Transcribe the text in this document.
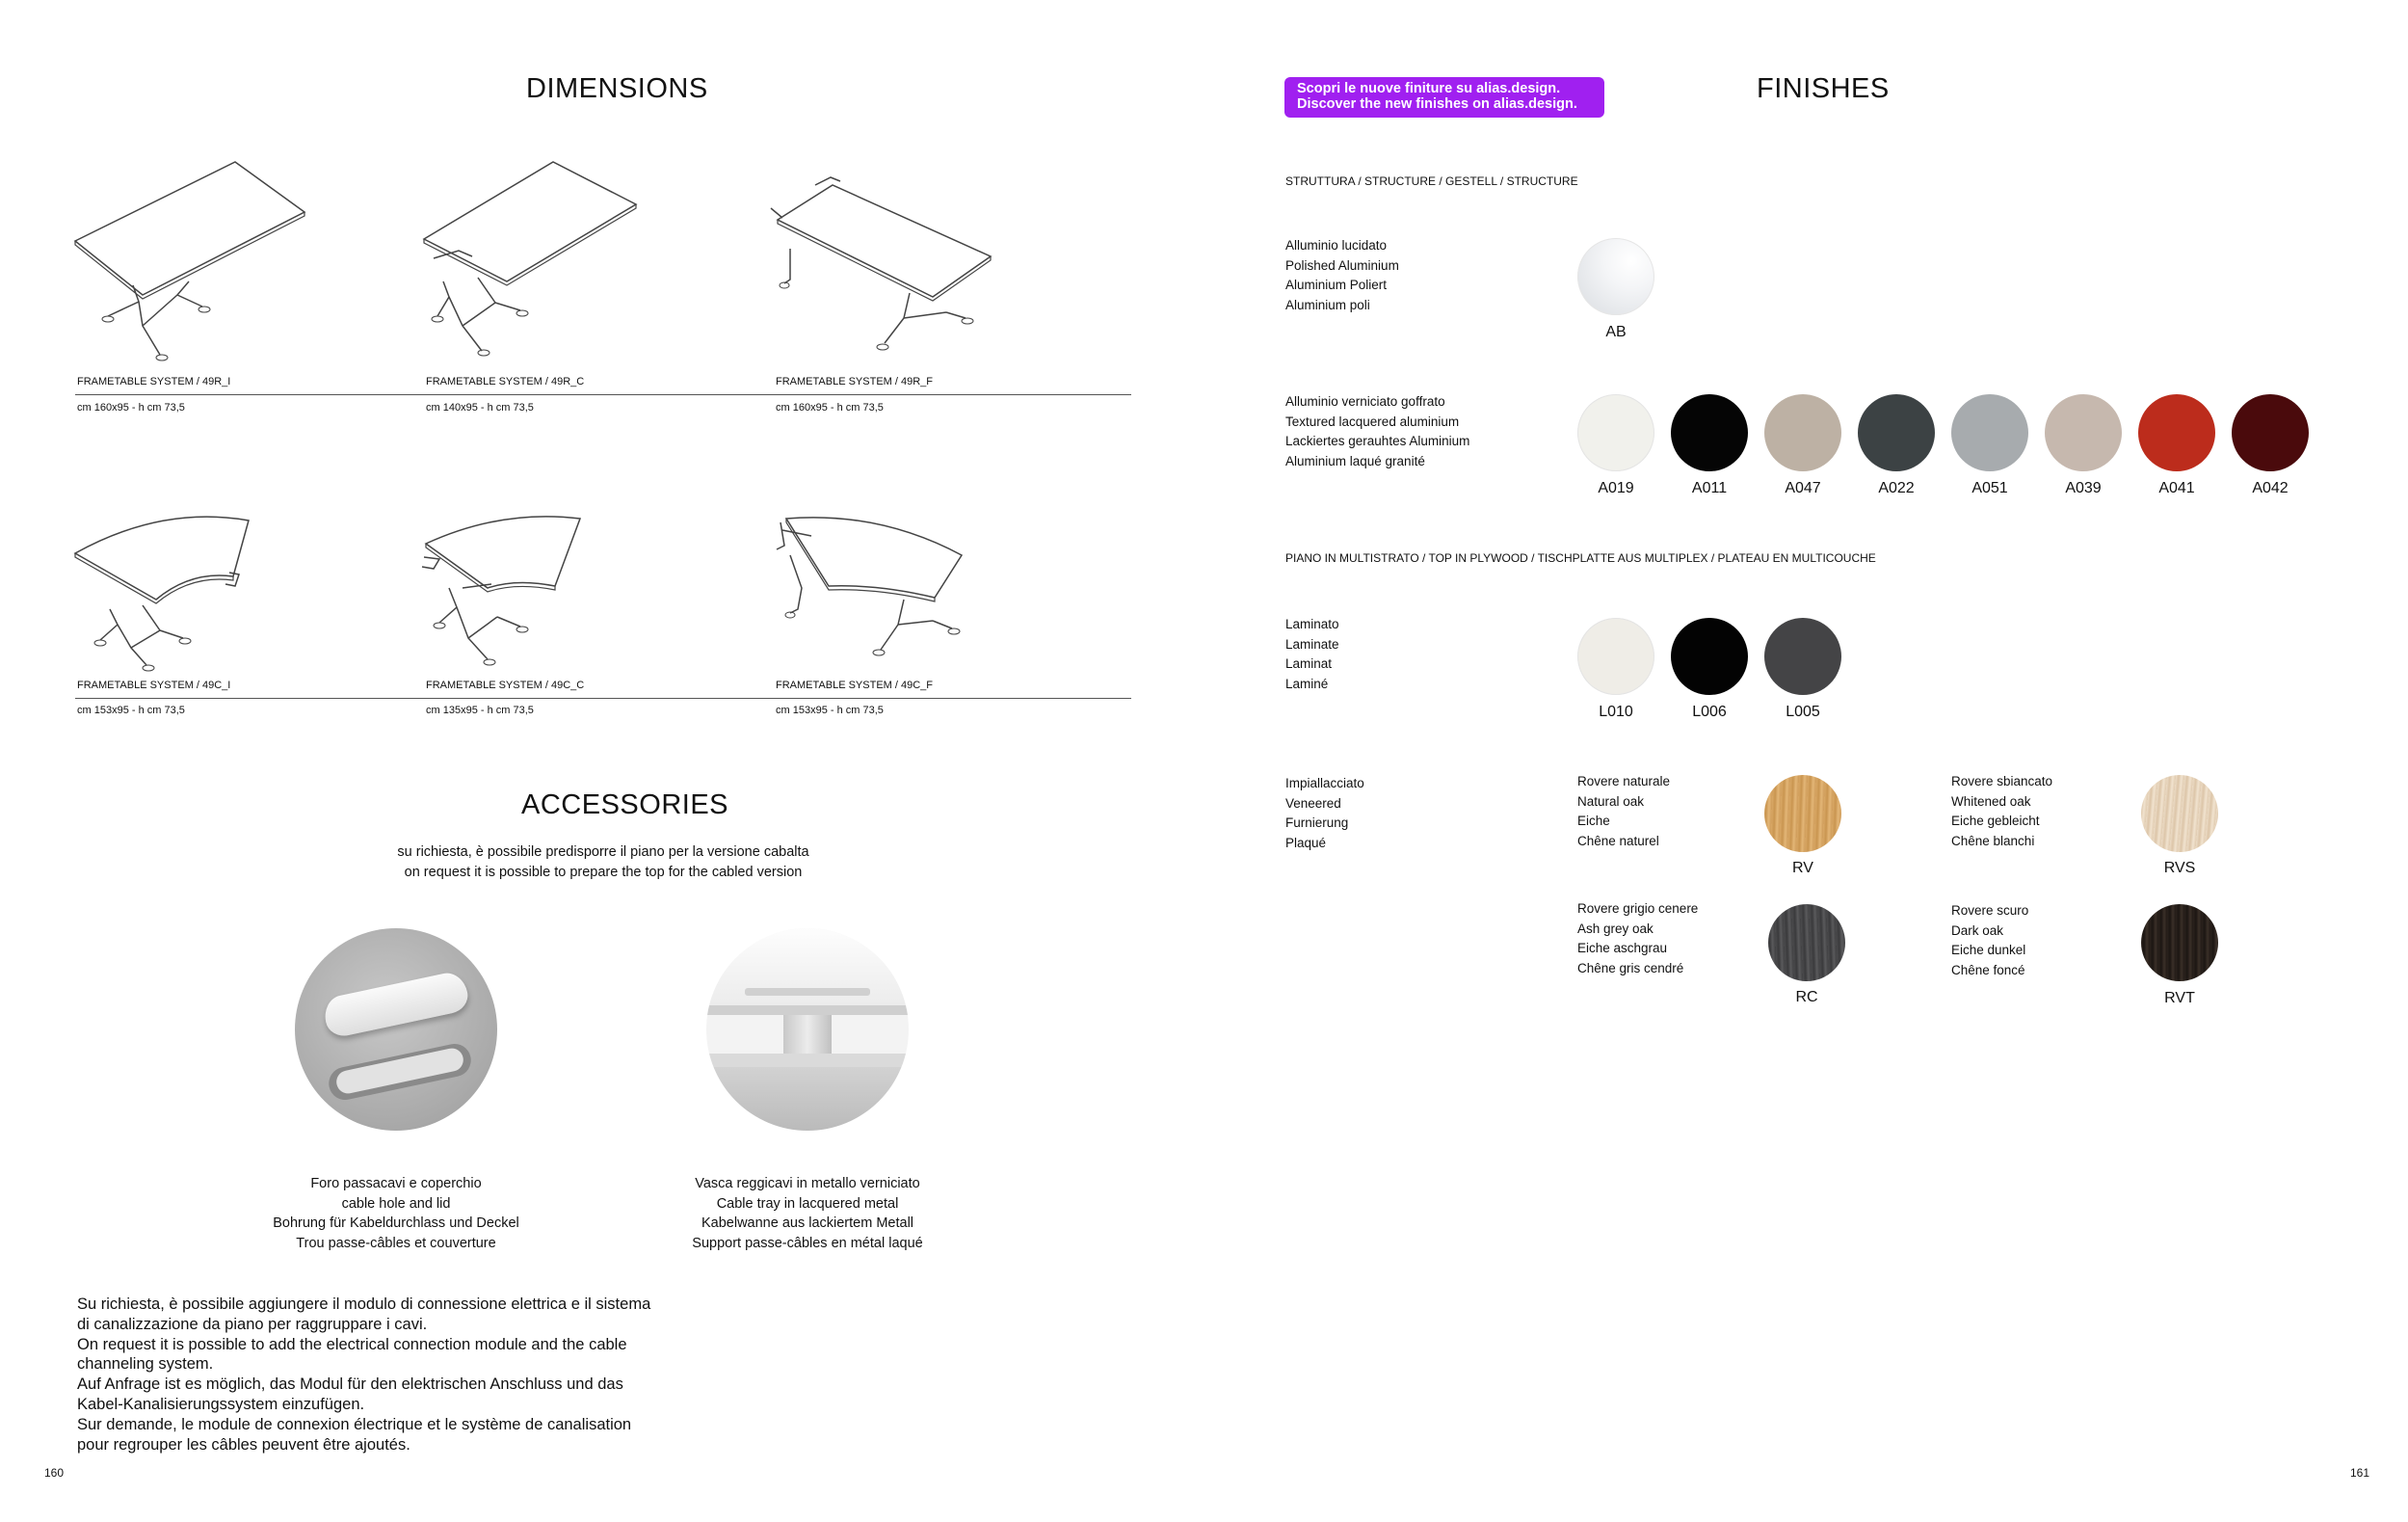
DIMENSIONS
FRAMETABLE SYSTEM / 49R_I	FRAMETABLE SYSTEM / 49R_C	FRAMETABLE SYSTEM / 49R_F
cm 160x95 - h cm 73,5	cm 140x95 - h cm 73,5	cm 160x95 - h cm 73,5
FRAMETABLE SYSTEM / 49C_I	FRAMETABLE SYSTEM / 49C_C	FRAMETABLE SYSTEM / 49C_F
cm 153x95 - h cm 73,5	cm 135x95 - h cm 73,5	cm 153x95 - h cm 73,5
ACCESSORIES
su richiesta, è possibile predisporre il piano per la versione cabalta
on request it is possible to prepare the top for the cabled version
Foro passacavi e coperchio
cable hole and lid
Bohrung für Kabeldurchlass und Deckel
Trou passe-câbles et couverture
Vasca reggicavi in metallo verniciato
Cable tray in lacquered metal
Kabelwanne aus lackiertem Metall
Support passe-câbles en métal laqué
Su richiesta, è possibile aggiungere il modulo di connessione elettrica e il sistema
di canalizzazione da piano per raggruppare i cavi.
On request it is possible to add the electrical connection module and the cable
channeling system.
Auf Anfrage ist es möglich, das Modul für den elektrischen Anschluss und das
Kabel-Kanalisierungssystem einzufügen.
Sur demande, le module de connexion électrique et le système de canalisation
pour regrouper les câbles peuvent être ajoutés.
160
Scopri le nuove finiture su alias.design.
Discover the new finishes on alias.design.	FINISHES
STRUTTURA / STRUCTURE / GESTELL / STRUCTURE
Alluminio lucidato
Polished Aluminium
Aluminium Poliert
Aluminium poli
AB
Alluminio verniciato goffrato
Textured lacquered aluminium
Lackiertes gerauhtes Aluminium
Aluminium laqué granité
A019	A011	A047	A022	A051	A039	A041	A042
PIANO IN MULTISTRATO / TOP IN PLYWOOD / TISCHPLATTE AUS MULTIPLEX / PLATEAU EN MULTICOUCHE
Laminato
Laminate
Laminat
Laminé
L010	L006	L005
Impiallacciato
Veneered
Furnierung
Plaqué
Rovere naturale
Natural oak
Eiche
Chêne naturel
RV
Rovere sbiancato
Whitened oak
Eiche gebleicht
Chêne blanchi
RVS
Rovere grigio cenere
Ash grey oak
Eiche aschgrau
Chêne gris cendré
RC
Rovere scuro
Dark oak
Eiche dunkel
Chêne foncé
RVT
161
